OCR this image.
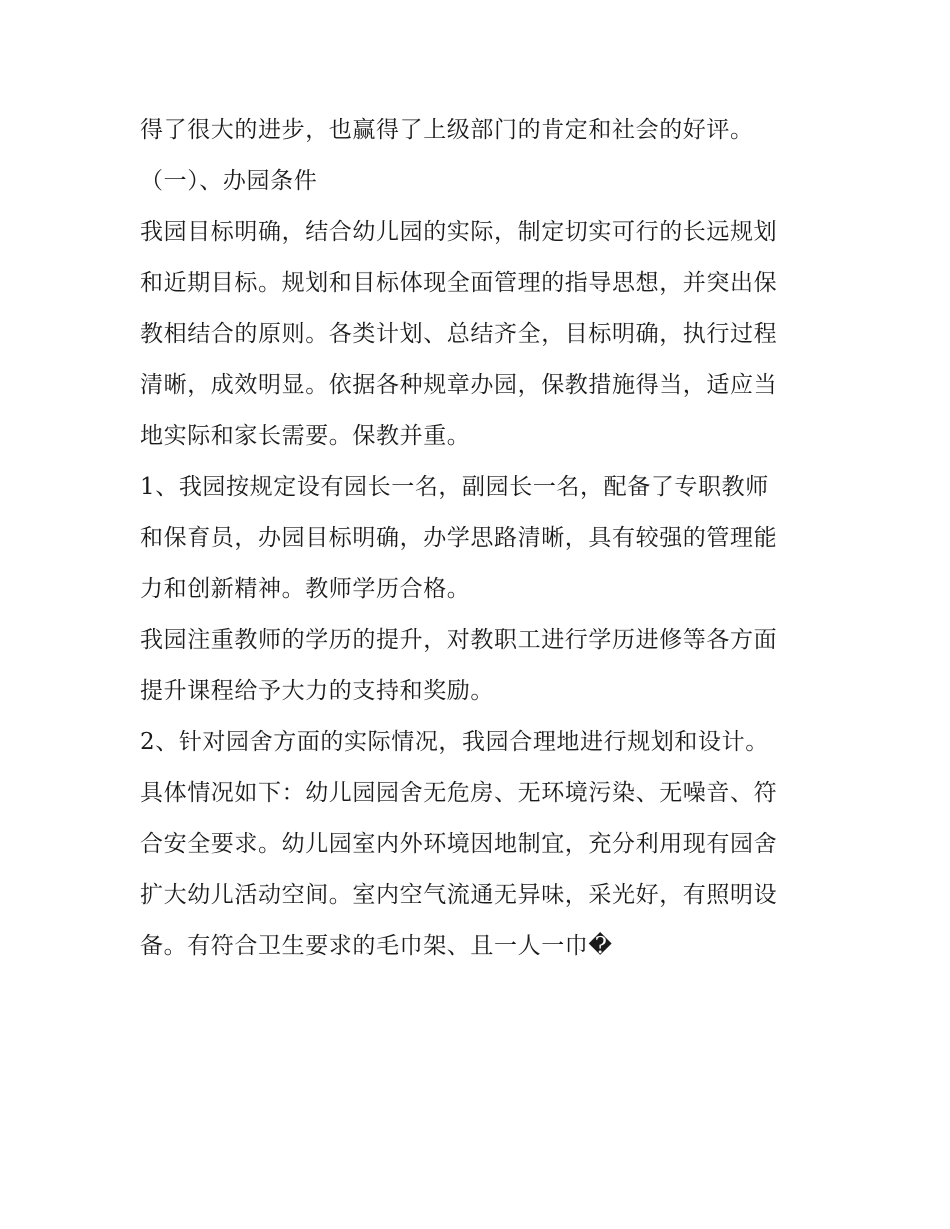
得了很大的进步，也赢得了上级部门的肯定和社会的好评。
（一）、办园条件
我园目标明确，结合幼儿园的实际，制定切实可行的长远规划
和近期目标。规划和目标体现全面管理的指导思想，并突出保
教相结合的原则。各类计划、总结齐全，目标明确，执行过程
清晰，成效明显。依据各种规章办园，保教措施得当，适应当
地实际和家长需要。保教并重。
1、我园按规定设有园长一名，副园长一名，配备了专职教师
和保育员，办园目标明确，办学思路清晰，具有较强的管理能
力和创新精神。教师学历合格。
我园注重教师的学历的提升，对教职工进行学历进修等各方面
提升课程给予大力的支持和奖励。
2、针对园舍方面的实际情况，我园合理地进行规划和设计。
具体情况如下：幼儿园园舍无危房、无环境污染、无噪音、符
合安全要求。幼儿园室内外环境因地制宜，充分利用现有园舍
扩大幼儿活动空间。室内空气流通无异味，采光好，有照明设
备。有符合卫生要求的毛巾架、且一人一巾�
